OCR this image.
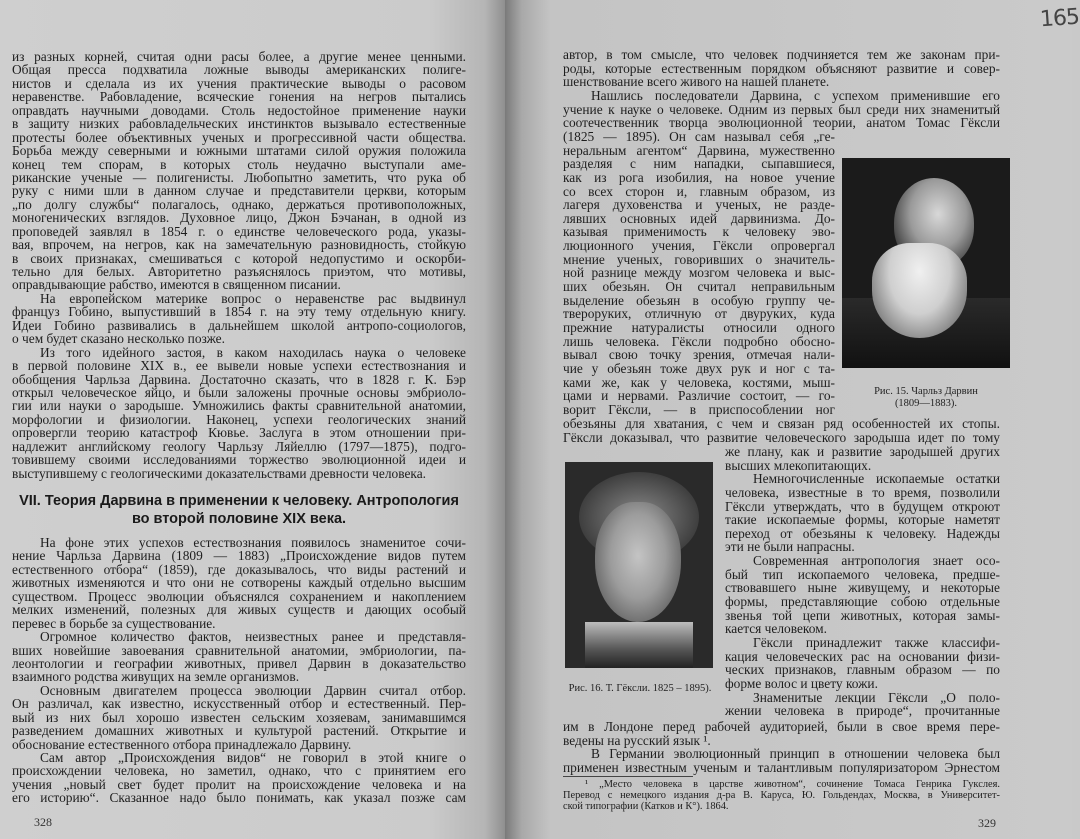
из разных корней, считая одни расы более, а другие менее ценными.
Общая пресса подхватила ложные выводы американских полиге-
нистов и сделала из их учения практические выводы о расовом
неравенстве. Рабовладение, всяческие гонения на негров пытались
оправдать научными доводами. Столь недостойное применение науки
в защиту низких рабовладельческих инстинктов вызывало естественные
протесты более объективных ученых и прогрессивной части общества.
Борьба между северными и южными штатами силой оружия положила
конец тем спорам, в которых столь неудачно выступали аме-
риканские ученые — полигенисты. Любопытно заметить, что рука об
руку с ними шли в данном случае и представители церкви, которым
„по долгу службы“ полагалось, однако, держаться противоположных,
моногенических взглядов. Духовное лицо, Джон Бэчанан, в одной из
проповедей заявлял в 1854 г. о единстве человеческого рода, указы-
вая, впрочем, на негров, как на замечательную разновидность, стойкую
в своих признаках, смешиваться с которой недопустимо и оскорби-
тельно для белых. Авторитетно разъяснялось приэтом, что мотивы,
оправдывающие рабство, имеются в священном писании.
На европейском материке вопрос о неравенстве рас выдвинул
француз Гобино, выпустивший в 1854 г. на эту тему отдельную книгу.
Идеи Гобино развивались в дальнейшем школой антропо-социологов,
о чем будет сказано несколько позже.
Из того идейного застоя, в каком находилась наука о человеке
в первой половине XIX в., ее вывели новые успехи естествознания и
обобщения Чарльза Дарвина. Достаточно сказать, что в 1828 г. К. Бэр
открыл человеческое яйцо, и были заложены прочные основы эмбриоло-
гии или науки о зародыше. Умножились факты сравнительной анатомии,
морфологии и физиологии. Наконец, успехи геологических знаний
опровергли теорию катастроф Кювье. Заслуга в этом отношении при-
надлежит английскому геологу Чарльзу Ляйеллю (1797—1875), подго-
товившему своими исследованиями торжество эволюционной идеи и
выступившему с геологическими доказательствами древности человека.
VII. Теория Дарвина в применении к человеку. Антропология
во второй половине XIX века.
На фоне этих успехов естествознания появилось знаменитое сочи-
нение Чарльза Дарвина (1809 — 1883) „Происхождение видов путем
естественного отбора“ (1859), где доказывалось, что виды растений и
животных изменяются и что они не сотворены каждый отдельно высшим
существом. Процесс эволюции объяснялся сохранением и накоплением
мелких изменений, полезных для живых существ и дающих особый
перевес в борьбе за существование.
Огромное количество фактов, неизвестных ранее и представля-
вших новейшие завоевания сравнительной анатомии, эмбриологии, па-
леонтологии и географии животных, привел Дарвин в доказательство
взаимного родства живущих на земле организмов.
Основным двигателем процесса эволюции Дарвин считал отбор.
Он различал, как известно, искусственный отбор и естественный. Пер-
вый из них был хорошо известен сельским хозяевам, занимавшимся
разведением домашних животных и культурой растений. Открытие и
обоснование естественного отбора принадлежало Дарвину.
Сам автор „Происхождения видов“ не говорил в этой книге о
происхождении человека, но заметил, однако, что с принятием его
учения „новый свет будет пролит на происхождение человека и на
его историю“. Сказанное надо было понимать, как указал позже сам
328
165
автор, в том смысле, что человек подчиняется тем же законам при-
роды, которые естественным порядком объясняют развитие и совер-
шенствование всего живого на нашей планете.
Нашлись последователи Дарвина, с успехом применившие его
учение к науке о человеке. Одним из первых был среди них знаменитый
соотечественник творца эволюционной теории, анатом Томас Гёксли
(1825 — 1895). Он сам называл себя „ге-
неральным агентом“ Дарвина, мужественно
разделяя с ним нападки, сыпавшиеся,
как из рога изобилия, на новое учение
со всех сторон и, главным образом, из
лагеря духовенства и ученых, не разде-
лявших основных идей дарвинизма. До-
казывая применимость к человеку эво-
люционного учения, Гёксли опровергал
мнение ученых, говоривших о значитель-
ной разнице между мозгом человека и выс-
ших обезьян. Он считал неправильным
выделение обезьян в особую группу че-
твероруких, отличную от двуруких, куда
прежние натуралисты относили одного
лишь человека. Гёксли подробно обосно-
вывал свою точку зрения, отмечая нали-
чие у обезьян тоже двух рук и ног с та-
ками же, как у человека, костями, мыш-
цами и нервами. Различие состоит, — го-
ворит Гёксли, — в приспособлении ног
Рис. 15. Чарльз Дарвин
(1809—1883).
обезьяны для хватания, с чем и связан ряд особенностей их стопы.
Гёксли доказывал, что развитие человеческого зародыша идет по тому
Рис. 16. Т. Гёксли. 1825 – 1895).
же плану, как и развитие зародышей других
высших млекопитающих.
Немногочисленные ископаемые остатки
человека, известные в то время, позволили
Гёксли утверждать, что в будущем откроют
такие ископаемые формы, которые наметят
переход от обезьяны к человеку. Надежды
эти не были напрасны.
Современная антропология знает осо-
бый тип ископаемого человека, предше-
ствовавшего ныне живущему, и некоторые
формы, представляющие собою отдельные
звенья той цепи животных, которая замы-
кается человеком.
Гёксли принадлежит также классифи-
кация человеческих рас на основании физи-
ческих признаков, главным образом — по
форме волос и цвету кожи.
Знаменитые лекции Гёксли „О поло-
жении человека в природе“, прочитанные
им в Лондоне перед рабочей аудиторией, были в свое время пере-
ведены на русский язык ¹.
В Германии эволюционный принцип в отношении человека был
применен известным ученым и талантливым популяризатором Эрнестом
¹ „Место человека в царстве животном“, сочинение Томаса Генрика Гукслея.
Перевод с немецкого издания д-ра В. Каруса, Ю. Гольдендах, Москва, в Университет-
ской типографии (Катков и К°). 1864.
329
